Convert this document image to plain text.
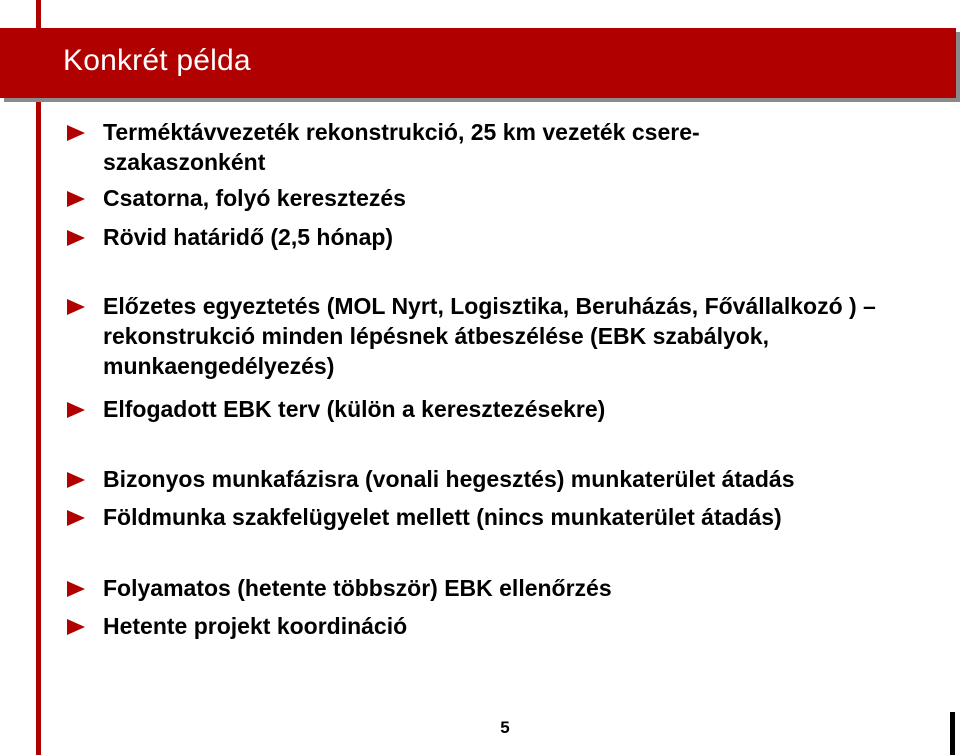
Konkrét példa
Terméktávvezeték rekonstrukció, 25 km vezeték csere-szakaszonként
Csatorna, folyó keresztezés
Rövid határidő (2,5 hónap)
Előzetes egyeztetés (MOL Nyrt, Logisztika, Beruházás, Fővállalkozó ) – rekonstrukció minden lépésnek átbeszélése (EBK szabályok, munkaengedélyezés)
Elfogadott EBK terv (külön a keresztezésekre)
Bizonyos munkafázisra (vonali hegesztés) munkaterület átadás
Földmunka szakfelügyelet mellett (nincs munkaterület átadás)
Folyamatos (hetente többször) EBK ellenőrzés
Hetente projekt koordináció
5
